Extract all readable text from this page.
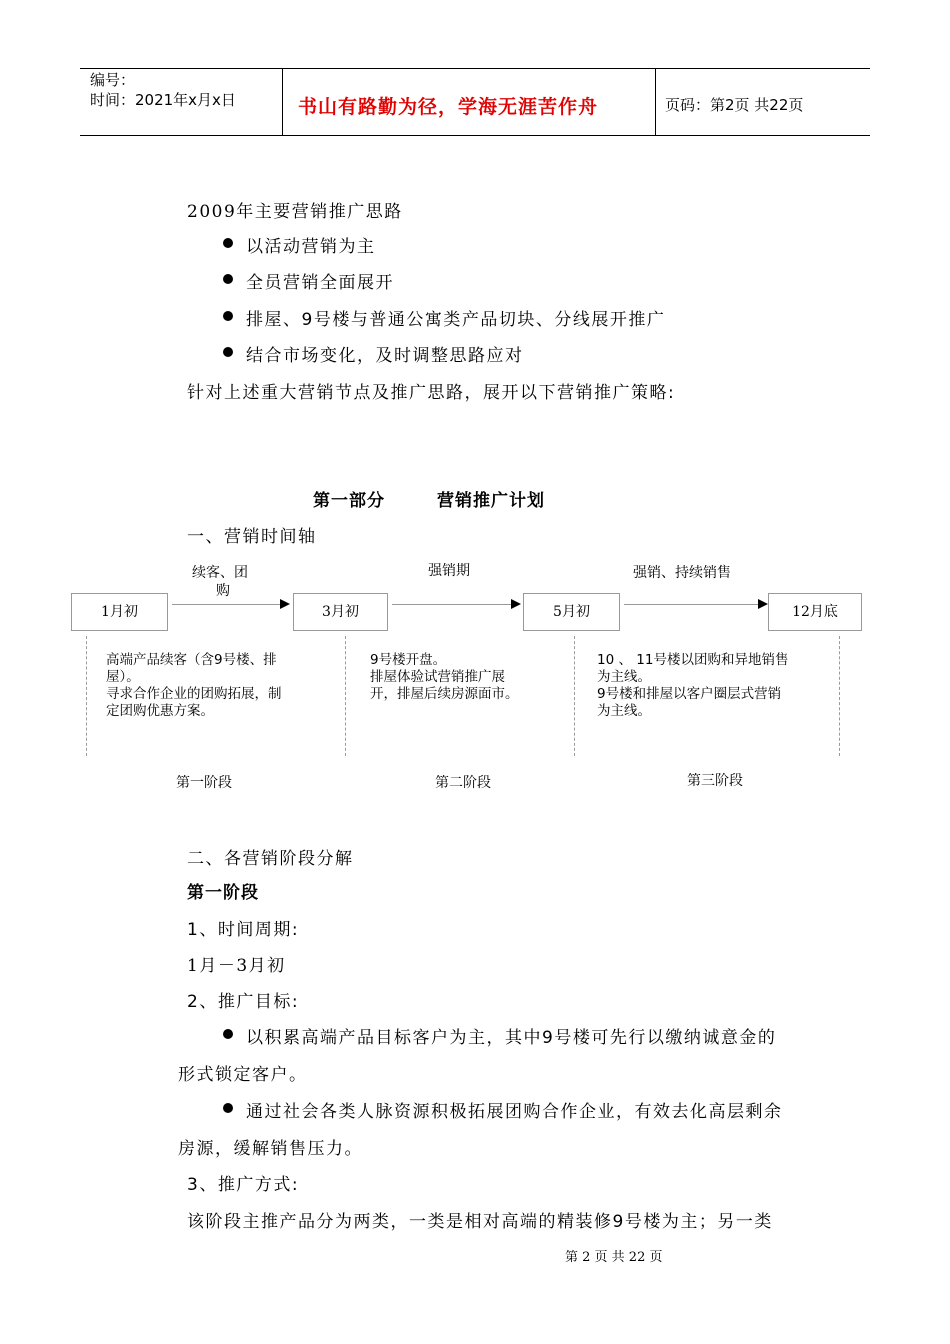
编号：
时间：2021年x月x日	书山有路勤为径，学海无涯苦作舟	页码：第2页 共22页
2009年主要营销推广思路
以活动营销为主
全员营销全面展开
排屋、9号楼与普通公寓类产品切块、分线展开推广
结合市场变化，及时调整思路应对
针对上述重大营销节点及推广思路，展开以下营销推广策略:
第一部分	营销推广计划
一、营销时间轴
续客、团
购
强销期	强销、持续销售
1月初	3月初	5月初	12月底
高端产品续客（含9号楼、排
屋）。
寻求合作企业的团购拓展，制
定团购优惠方案。
9号楼开盘。
排屋体验试营销推广展
开，排屋后续房源面市。
10 、 11号楼以团购和异地销售
为主线。
9号楼和排屋以客户圈层式营销
为主线。
第一阶段	第二阶段	第三阶段
二、各营销阶段分解
第一阶段
1、时间周期:
1月－3月初
2、推广目标:
以积累高端产品目标客户为主，其中9号楼可先行以缴纳诚意金的
形式锁定客户。
通过社会各类人脉资源积极拓展团购合作企业，有效去化高层剩余
房源，缓解销售压力。
3、推广方式:
该阶段主推产品分为两类，一类是相对高端的精装修9号楼为主；另一类
第 2 页 共 22 页
